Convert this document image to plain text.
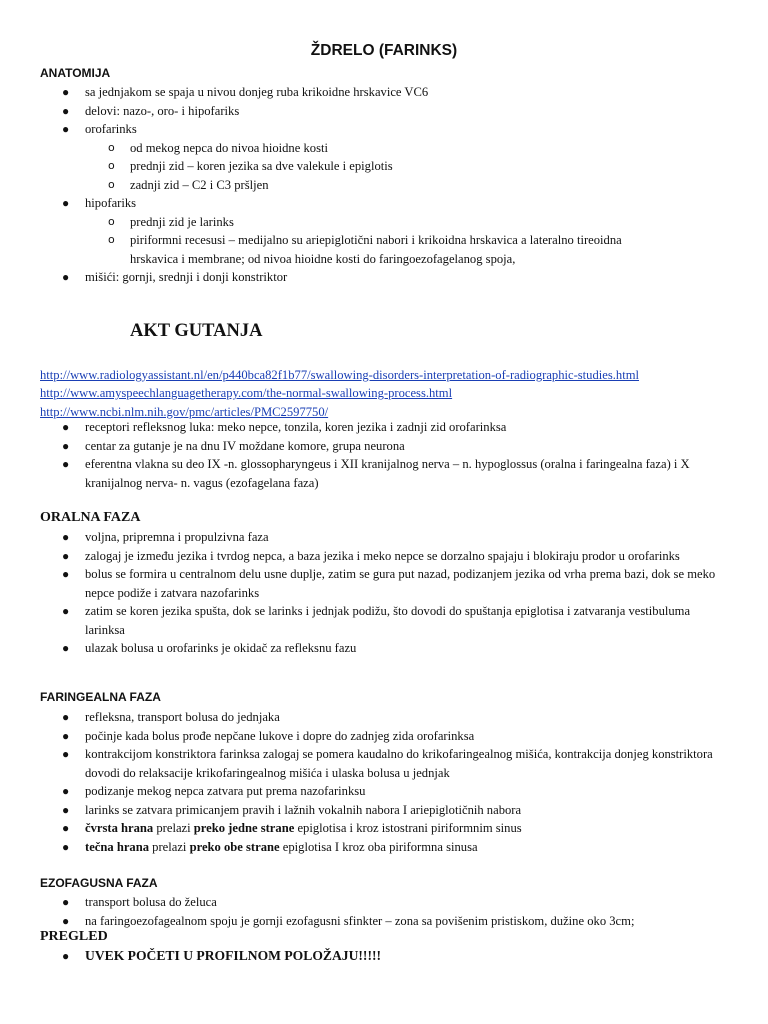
ŽDRELO (FARINKS)
ANATOMIJA
● sa jednjakom se spaja u nivou donjeg ruba krikoidne hrskavice VC6
● delovi: nazo-, oro- i hipofariks
● orofarinks
o od mekog nepca do nivoa hioidne kosti
o prednji zid – koren jezika sa dve valekule i epiglotis
o zadnji zid – C2 i C3 pršljen
● hipofariks
o prednji zid je larinks
o piriformni recesusi – medijalno su ariepiglotični nabori i krikoidna hrskavica a lateralno tireoidna hrskavica i membrane; od nivoa hioidne kosti do faringoezofagelanog spoja,
● mišići: gornji, srednji i donji konstriktor
AKT GUTANJA
http://www.radiologyassistant.nl/en/p440bca82f1b77/swallowing-disorders-interpretation-of-radiographic-studies.html
http://www.amyspeechlanguagetherapy.com/the-normal-swallowing-process.html
http://www.ncbi.nlm.nih.gov/pmc/articles/PMC2597750/
● receptori refleksnog luka: meko nepce, tonzila, koren jezika i zadnji zid orofarinksa
● centar za gutanje je na dnu IV moždane komore, grupa neurona
● eferentna vlakna su deo IX -n. glossopharyngeus i XII kranijalnog nerva – n. hypoglossus (oralna i faringealna faza) i X kranijalnog nerva- n. vagus (ezofagelana faza)
ORALNA FAZA
● voljna, pripremna i propulzivna faza
● zalogaj je između jezika i tvrdog nepca, a baza jezika i meko nepce se dorzalno spajaju i blokiraju prodor u orofarinks
● bolus se formira u centralnom delu usne duplje, zatim se gura put nazad, podizanjem jezika od vrha prema bazi, dok se meko nepce podiže i zatvara nazofarinks
● zatim se koren jezika spušta, dok se larinks i jednjak podižu, što dovodi do spuštanja epiglotisa i zatvaranja vestibuluma larinksa
● ulazak bolusa u orofarinks je okidač za refleksnu fazu
FARINGEALNA FAZA
● refleksna, transport bolusa do jednjaka
● počinje kada bolus prođe nepčane lukove i dopre do zadnjeg zida orofarinksa
● kontrakcijom konstriktora farinksa zalogaj se pomera kaudalno do krikofaringealnog mišića, kontrakcija donjeg konstriktora dovodi do relaksacije krikofaringealnog mišića i ulaska bolusa u jednjak
● podizanje mekog nepca zatvara put prema nazofarinksu
● larinks se zatvara primicanjem pravih i lažnih vokalnih nabora I ariepiglotičnih nabora
● čvrsta hrana prelazi preko jedne strane epiglotisa i kroz istostrani piriformnim sinus
● tečna hrana prelazi preko obe strane epiglotisa I kroz oba piriformna sinusa
EZOFAGUSNA FAZA
● transport bolusa do želuca
● na faringoezofagealnom spoju je gornji ezofagusni sfinkter – zona sa povišenim pristiskom, dužine oko 3cm;
PREGLED
● UVEK POČETI U PROFILNOM POLOŽAJU!!!!!
